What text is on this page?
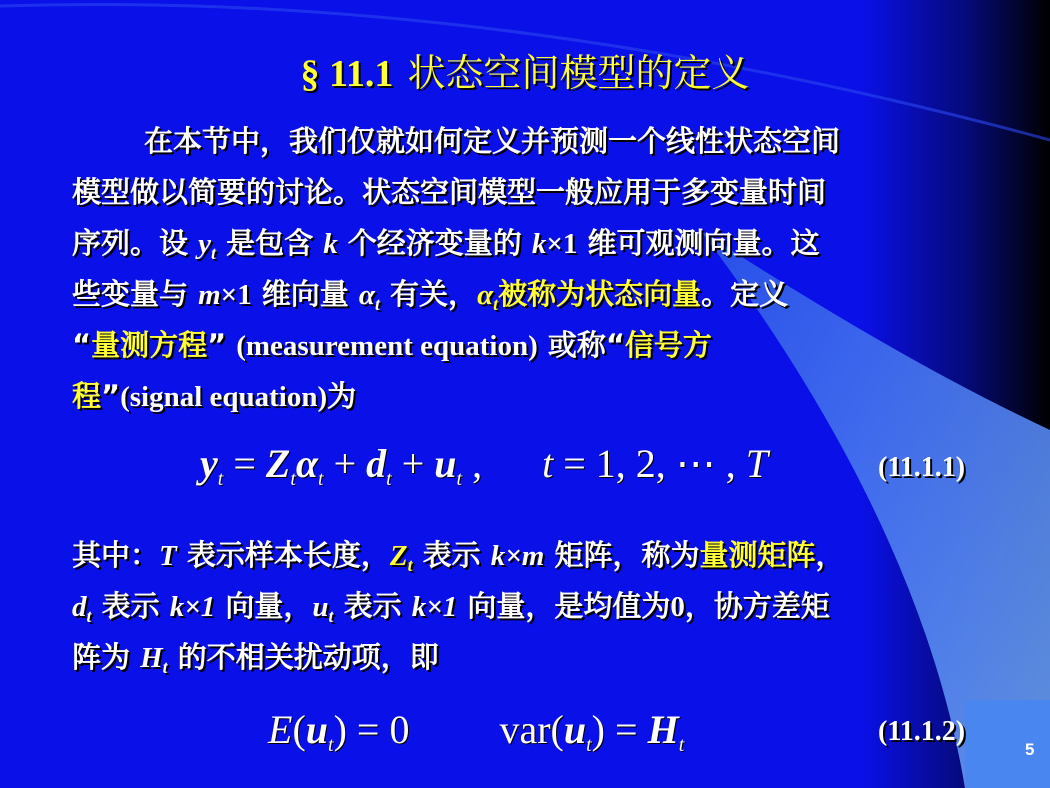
§ 11.1 状态空间模型的定义
在本节中，我们仅就如何定义并预测一个线性状态空间
模型做以简要的讨论。状态空间模型一般应用于多变量时间
序列。设 $y_t$ 是包含 k 个经济变量的 k×1 维可观测向量。这
些变量与 m×1 维向量 $\alpha_t$ 有关，$\alpha_t$被称为状态向量。定义
“量测方程” (measurement equation) 或称“信号方
程”(signal equation)为
$y_t = Z_t\alpha_t + d_t + u_t$ ,      t = 1, 2, ⋯ , T	(11.1.1)
其中：T 表示样本长度，$Z_t$ 表示 k×m 矩阵，称为量测矩阵，
$d_t$ 表示 k×1 向量，$u_t$ 表示 k×1 向量，是均值为0，协方差矩
阵为 $H_t$ 的不相关扰动项，即
$E(u_t) = 0$         $var(u_t) = H_t$	(11.1.2)
5
